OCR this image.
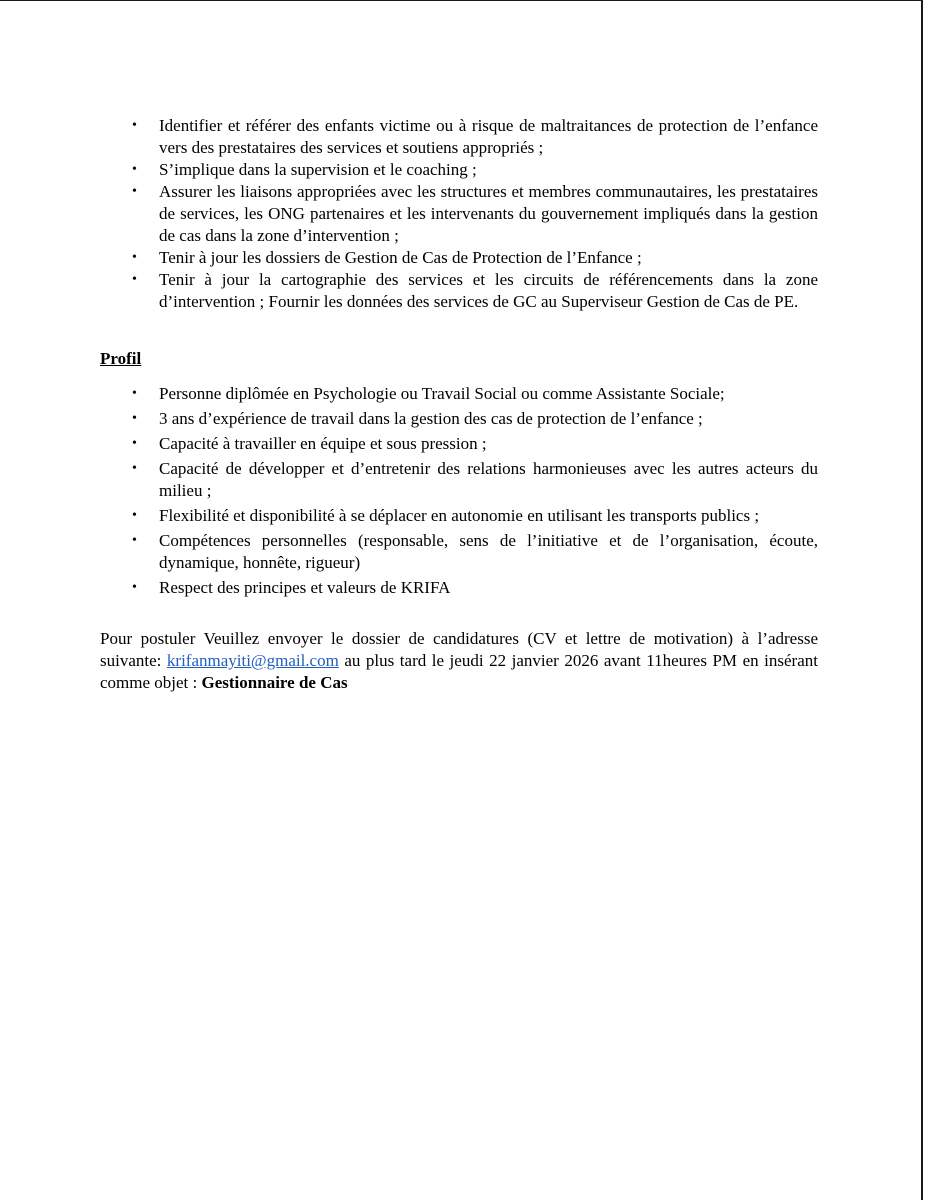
• Identifier et référer des enfants victime ou à risque de maltraitances de protection de l’enfance vers des prestataires des services et soutiens appropriés ;
• S’implique dans la supervision et le coaching ;
• Assurer les liaisons appropriées avec les structures et membres communautaires, les prestataires de services, les ONG partenaires et les intervenants du gouvernement impliqués dans la gestion de cas dans la zone d’intervention ;
• Tenir à jour les dossiers de Gestion de Cas de Protection de l’Enfance ;
• Tenir à jour la cartographie des services et les circuits de référencements dans la zone d’intervention ; Fournir les données des services de GC au Superviseur Gestion de Cas de PE.
Profil
• Personne diplômée en Psychologie ou Travail Social ou comme Assistante Sociale;
• 3 ans d’expérience de travail dans la gestion des cas de protection de l’enfance ;
• Capacité à travailler en équipe et sous pression ;
• Capacité de développer et d’entretenir des relations harmonieuses avec les autres acteurs du milieu ;
• Flexibilité et disponibilité à se déplacer en autonomie en utilisant les transports publics ;
• Compétences personnelles (responsable, sens de l’initiative et de l’organisation, écoute, dynamique, honnête, rigueur)
• Respect des principes et valeurs de KRIFA

Pour postuler Veuillez envoyer le dossier de candidatures (CV et lettre de motivation) à l’adresse suivante: krifanmayiti@gmail.com au plus tard le jeudi 22 janvier 2026 avant 11heures PM en insérant comme objet : Gestionnaire de Cas
